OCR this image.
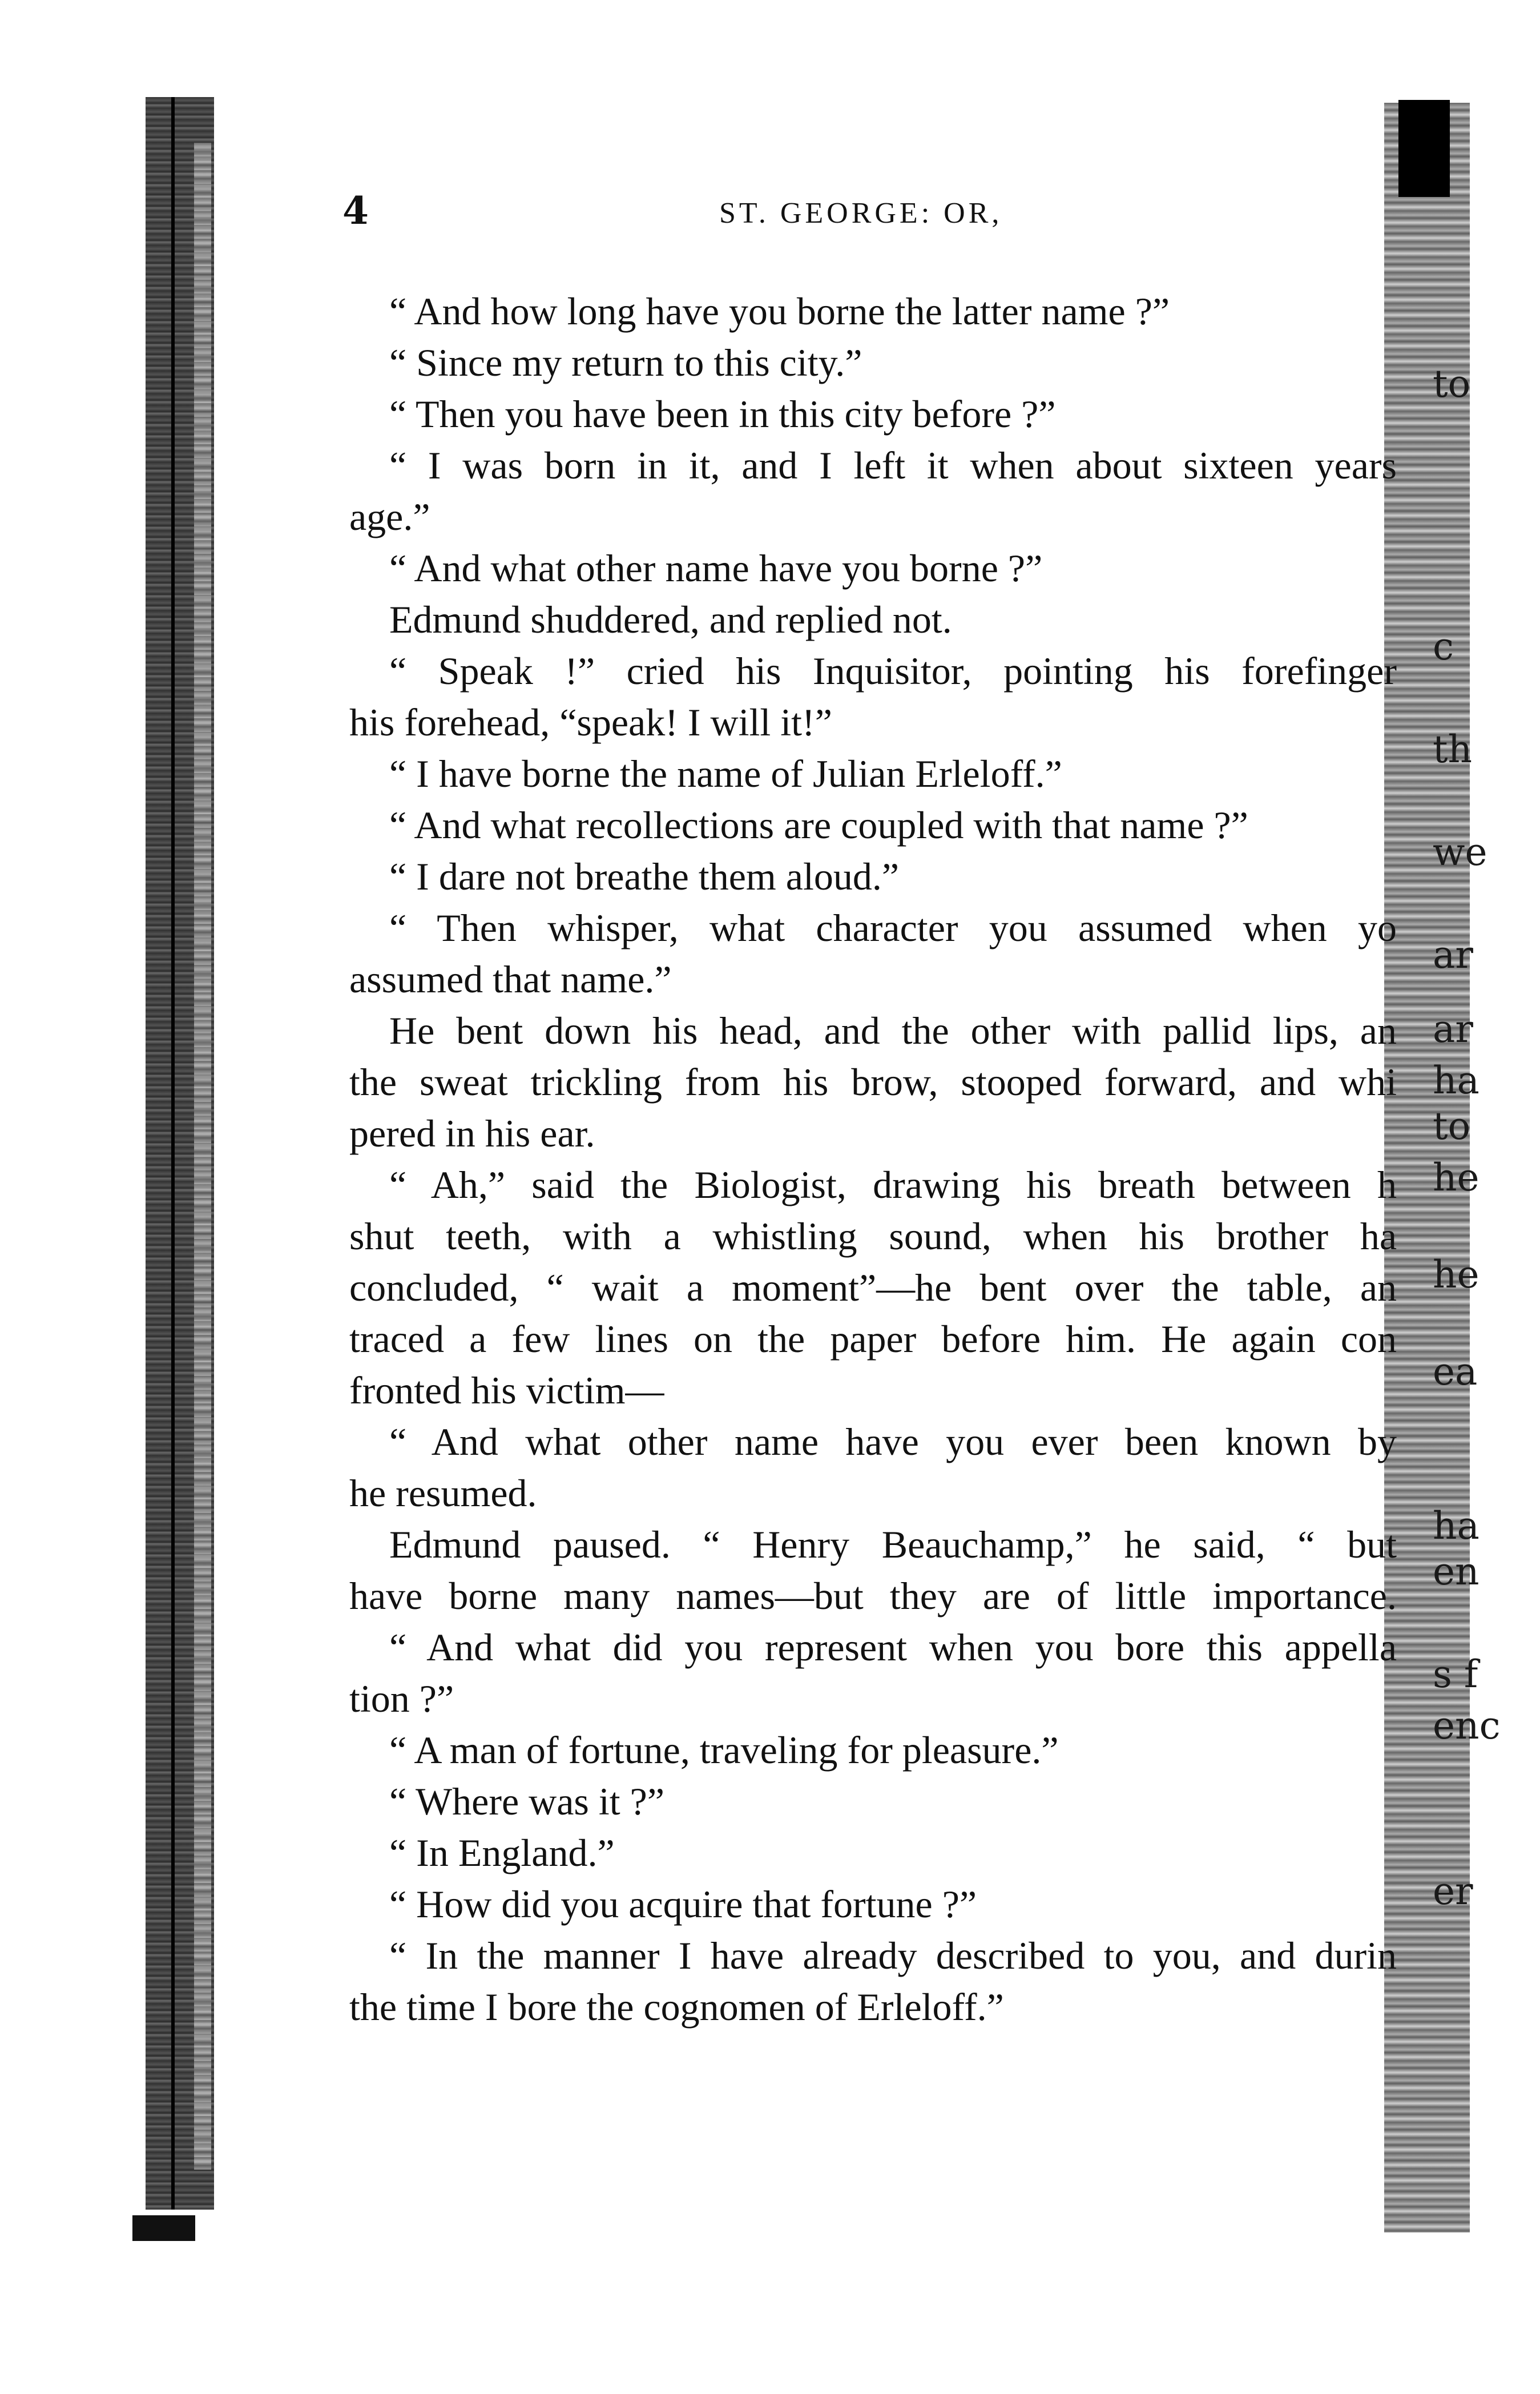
to
c
th
we
ar
ar
ha
to
he
he
ea
ha
en
s f
enc
er
4	ST. GEORGE: OR,
“ And how long have you borne the latter name ?”
“ Since my return to this city.”
“ Then you have been in this city before ?”
“ I was born in it, and I left it when about sixteen years
age.”
“ And what other name have you borne ?”
Edmund shuddered, and replied not.
“ Speak !” cried his Inquisitor, pointing his forefinger
his forehead, “speak! I will it!”
“ I have borne the name of Julian Erleloff.”
“ And what recollections are coupled with that name ?”
“ I dare not breathe them aloud.”
“ Then whisper, what character you assumed when yo
assumed that name.”
He bent down his head, and the other with pallid lips, an
the sweat trickling from his brow, stooped forward, and whi
pered in his ear.
“ Ah,” said the Biologist, drawing his breath between h
shut teeth, with a whistling sound, when his brother ha
concluded, “ wait a moment”—he bent over the table, an
traced a few lines on the paper before him. He again con
fronted his victim—
“ And what other name have you ever been known by
he resumed.
Edmund paused. “ Henry Beauchamp,” he said, “ but
have borne many names—but they are of little importance.
“ And what did you represent when you bore this appella
tion ?”
“ A man of fortune, traveling for pleasure.”
“ Where was it ?”
“ In England.”
“ How did you acquire that fortune ?”
“ In the manner I have already described to you, and durin
the time I bore the cognomen of Erleloff.”
